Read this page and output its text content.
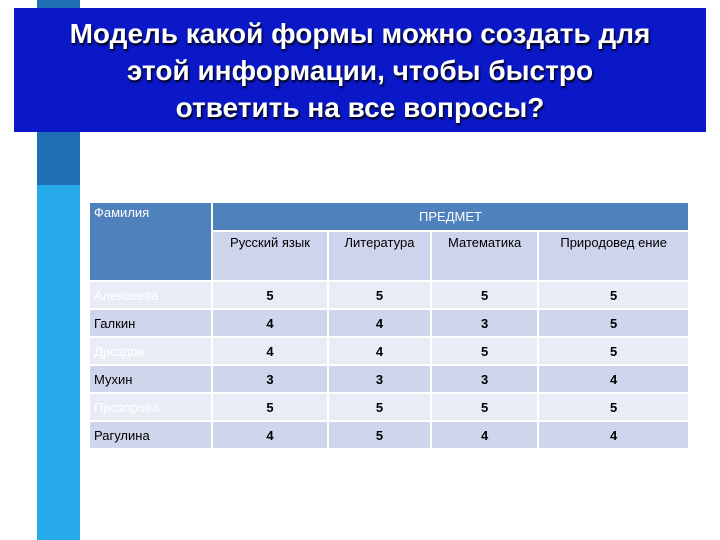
Модель какой формы можно создать для
этой информации, чтобы быстро
ответить на все вопросы?
Фамилия	ПРЕДМЕТ			
	Русский язык	Литература	Математика	Природовед ение
Алексеева	5	5	5	5
Галкин	4	4	3	5
Дроздов	4	4	5	5
Мухин	3	3	3	4
Прозорова	5	5	5	5
Рагулина	4	5	4	4
